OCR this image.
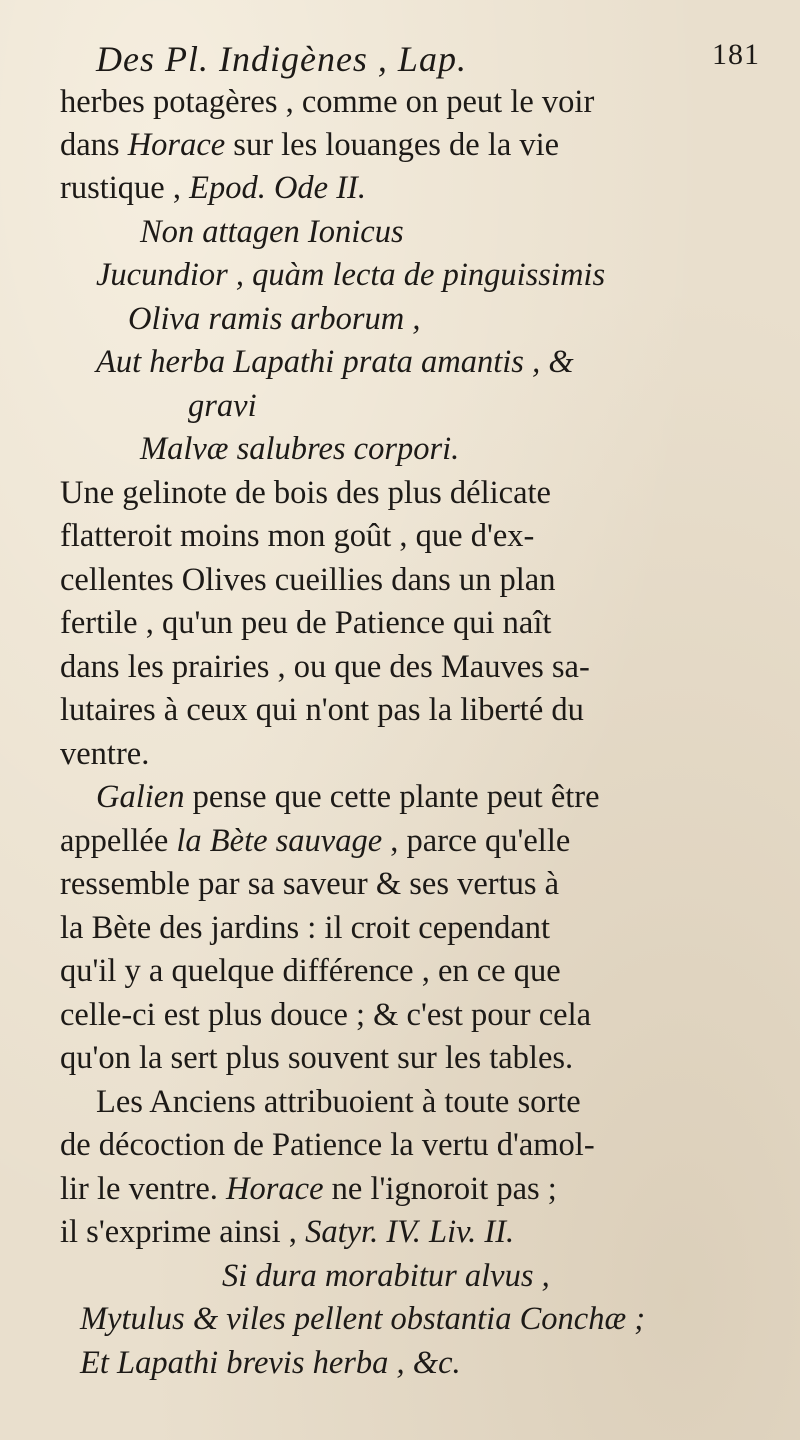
Des Pl. Indigènes , Lap.	181
herbes potagères , comme on peut le voir
dans Horace sur les louanges de la vie
rustique , Epod. Ode II.
Non attagen Ionicus
Jucundior , quàm lecta de pinguissimis
Oliva ramis arborum ,
Aut herba Lapathi prata amantis , &
gravi
Malvæ salubres corpori.
Une gelinote de bois des plus délicate
flatteroit moins mon goût , que d'ex-
cellentes Olives cueillies dans un plan
fertile , qu'un peu de Patience qui naît
dans les prairies , ou que des Mauves sa-
lutaires à ceux qui n'ont pas la liberté du
ventre.
Galien pense que cette plante peut être
appellée la Bète sauvage , parce qu'elle
ressemble par sa saveur & ses vertus à
la Bète des jardins : il croit cependant
qu'il y a quelque différence , en ce que
celle-ci est plus douce ; & c'est pour cela
qu'on la sert plus souvent sur les tables.
Les Anciens attribuoient à toute sorte
de décoction de Patience la vertu d'amol-
lir le ventre. Horace ne l'ignoroit pas ;
il s'exprime ainsi , Satyr. IV. Liv. II.
Si dura morabitur alvus ,
Mytulus & viles pellent obstantia Conchæ ;
Et Lapathi brevis herba , &c.
